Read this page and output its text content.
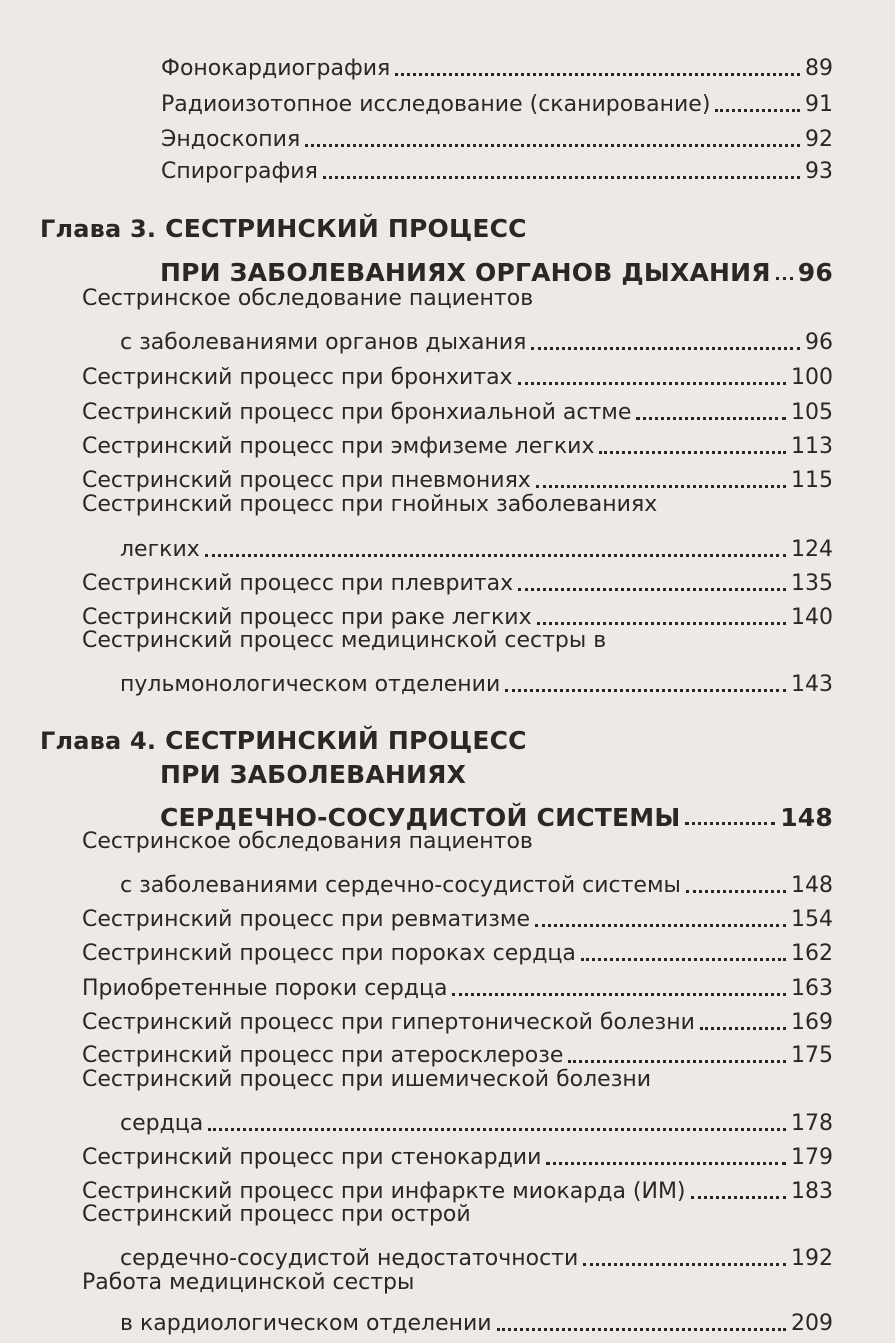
Фонокардиография	89
Радиоизотопное исследование (сканирование)	91
Эндоскопия	92
Спирография	93
Глава 3. СЕСТРИНСКИЙ ПРОЦЕСС
ПРИ ЗАБОЛЕВАНИЯХ ОРГАНОВ ДЫХАНИЯ 96
Сестринское обследование пациентов
с заболеваниями органов дыхания	96
Сестринский процесс при бронхитах	100
Сестринский процесс при бронхиальной астме	105
Сестринский процесс при эмфиземе легких	113
Сестринский процесс при пневмониях	115
Сестринский процесс при гнойных заболеваниях
легких	124
Сестринский процесс при плевритах	135
Сестринский процесс при раке легких	140
Сестринский процесс медицинской сестры в
пульмонологическом отделении	143
Глава 4. СЕСТРИНСКИЙ ПРОЦЕСС
ПРИ ЗАБОЛЕВАНИЯХ
СЕРДЕЧНО-СОСУДИСТОЙ СИСТЕМЫ	148
Сестринское обследования пациентов
с заболеваниями сердечно-сосудистой системы	148
Сестринский процесс при ревматизме	154
Сестринский процесс при пороках сердца	162
Приобретенные пороки сердца	163
Сестринский процесс при гипертонической болезни	169
Сестринский процесс при атеросклерозе	175
Сестринский процесс при ишемической болезни
сердца	178
Сестринский процесс при стенокардии	179
Сестринский процесс при инфаркте миокарда (ИМ)	183
Сестринский процесс при острой
сердечно-сосудистой недостаточности	192
Работа медицинской сестры
в кардиологическом отделении	209
